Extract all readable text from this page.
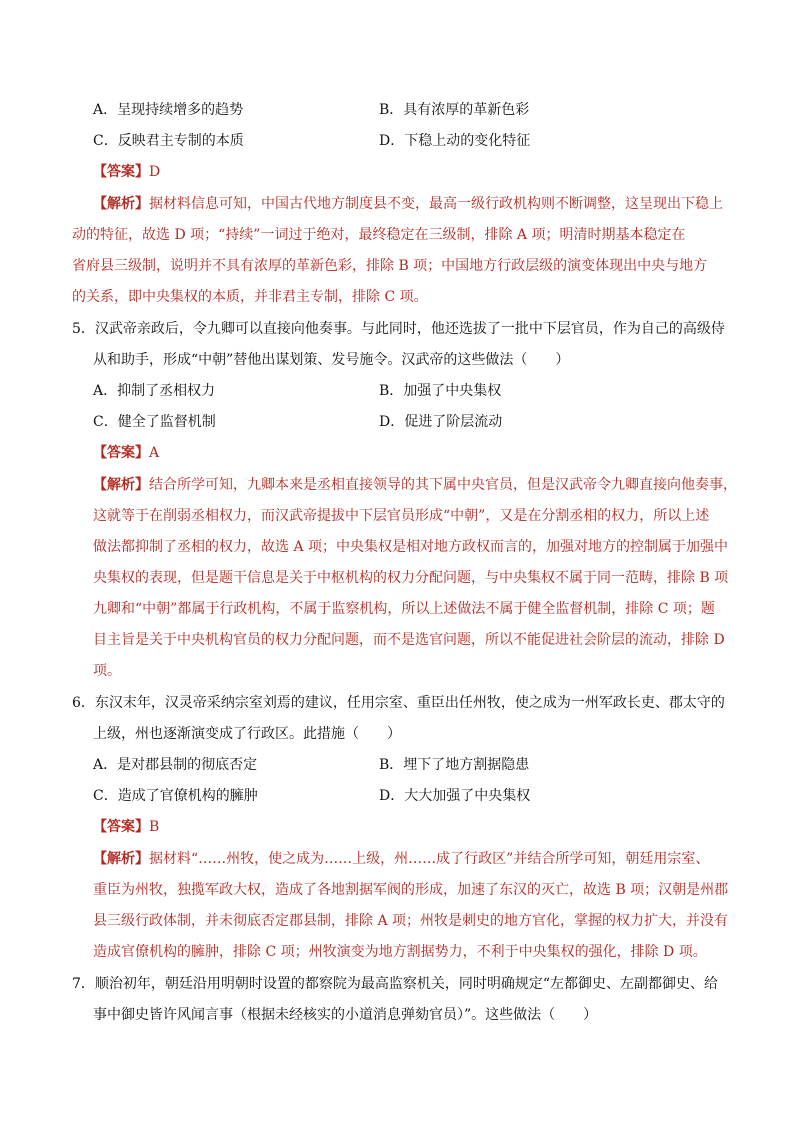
A．呈现持续增多的趋势	B．具有浓厚的革新色彩
C．反映君主专制的本质	D．下稳上动的变化特征
【答案】D
【解析】据材料信息可知，中国古代地方制度县不变，最高一级行政机构则不断调整，这呈现出下稳上
动的特征，故选 D 项；“持续”一词过于绝对，最终稳定在三级制，排除 A 项；明清时期基本稳定在
省府县三级制，说明并不具有浓厚的革新色彩，排除 B 项；中国地方行政层级的演变体现出中央与地方
的关系，即中央集权的本质，并非君主专制，排除 C 项。
5．汉武帝亲政后，令九卿可以直接向他奏事。与此同时，他还选拔了一批中下层官员，作为自己的高级侍
从和助手，形成“中朝”替他出谋划策、发号施令。汉武帝的这些做法（　　）
A．抑制了丞相权力	B．加强了中央集权
C．健全了监督机制	D．促进了阶层流动
【答案】A
【解析】结合所学可知，九卿本来是丞相直接领导的其下属中央官员，但是汉武帝令九卿直接向他奏事，
这就等于在削弱丞相权力，而汉武帝提拔中下层官员形成“中朝”，又是在分割丞相的权力，所以上述
做法都抑制了丞相的权力，故选 A 项；中央集权是相对地方政权而言的，加强对地方的控制属于加强中
央集权的表现，但是题干信息是关于中枢机构的权力分配问题，与中央集权不属于同一范畴，排除 B 项
九卿和“中朝”都属于行政机构，不属于监察机构，所以上述做法不属于健全监督机制，排除 C 项；题
目主旨是关于中央机构官员的权力分配问题，而不是选官问题，所以不能促进社会阶层的流动，排除 D
项。
6．东汉末年，汉灵帝采纳宗室刘焉的建议，任用宗室、重臣出任州牧，使之成为一州军政长吏、郡太守的
上级，州也逐渐演变成了行政区。此措施（　　）
A．是对郡县制的彻底否定	B．埋下了地方割据隐患
C．造成了官僚机构的臃肿	D．大大加强了中央集权
【答案】B
【解析】据材料“……州牧，使之成为……上级，州……成了行政区”并结合所学可知，朝廷用宗室、
重臣为州牧，独揽军政大权，造成了各地割据军阀的形成，加速了东汉的灭亡，故选 B 项；汉朝是州郡
县三级行政体制，并未彻底否定郡县制，排除 A 项；州牧是刺史的地方官化，掌握的权力扩大，并没有
造成官僚机构的臃肿，排除 C 项；州牧演变为地方割据势力，不利于中央集权的强化，排除 D 项。
7．顺治初年，朝廷沿用明朝时设置的都察院为最高监察机关，同时明确规定“左都御史、左副都御史、给
事中御史皆许风闻言事（根据未经核实的小道消息弹劾官员）”。这些做法（　　）
